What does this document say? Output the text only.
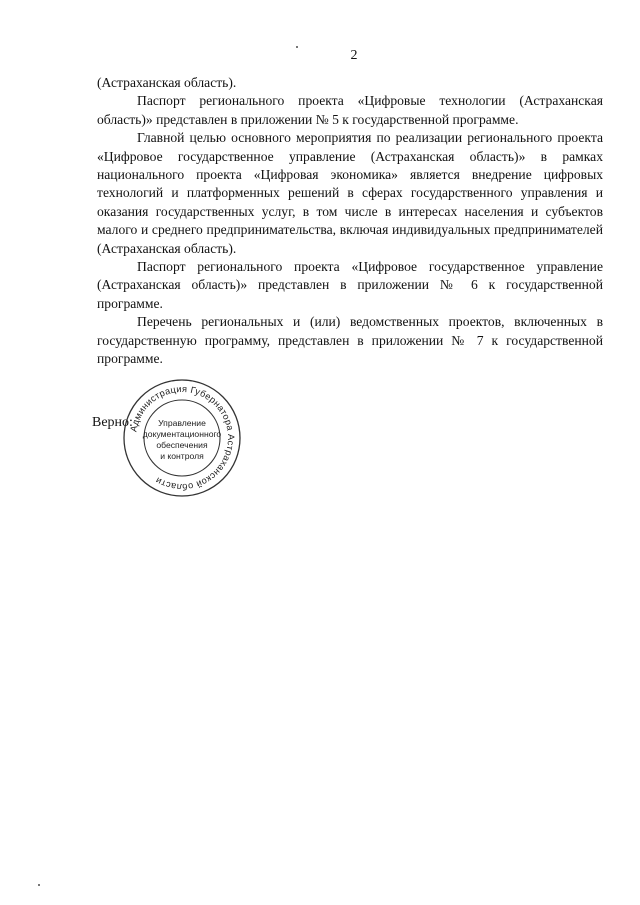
2

(Астраханская область).

Паспорт регионального проекта «Цифровые технологии (Астраханская область)» представлен в приложении № 5 к государственной программе.

Главной целью основного мероприятия по реализации регионального проекта «Цифровое государственное управление (Астраханская область)» в рамках национального проекта «Цифровая экономика» является внедрение цифровых технологий и платформенных решений в сферах государственного управления и оказания государственных услуг, в том числе в интересах населения и субъектов малого и среднего предпринимательства, включая индивидуальных предпринимателей (Астраханская область).

Паспорт регионального проекта «Цифровое государственное управление (Астраханская область)» представлен в приложении № 6 к государственной программе.

Перечень региональных и (или) ведомственных проектов, включенных в государственную программу, представлен в приложении № 7 к государственной программе.

Верно:
Администрация Губернатора Астраханской области
Управление
документационного
обеспечения
и контроля
